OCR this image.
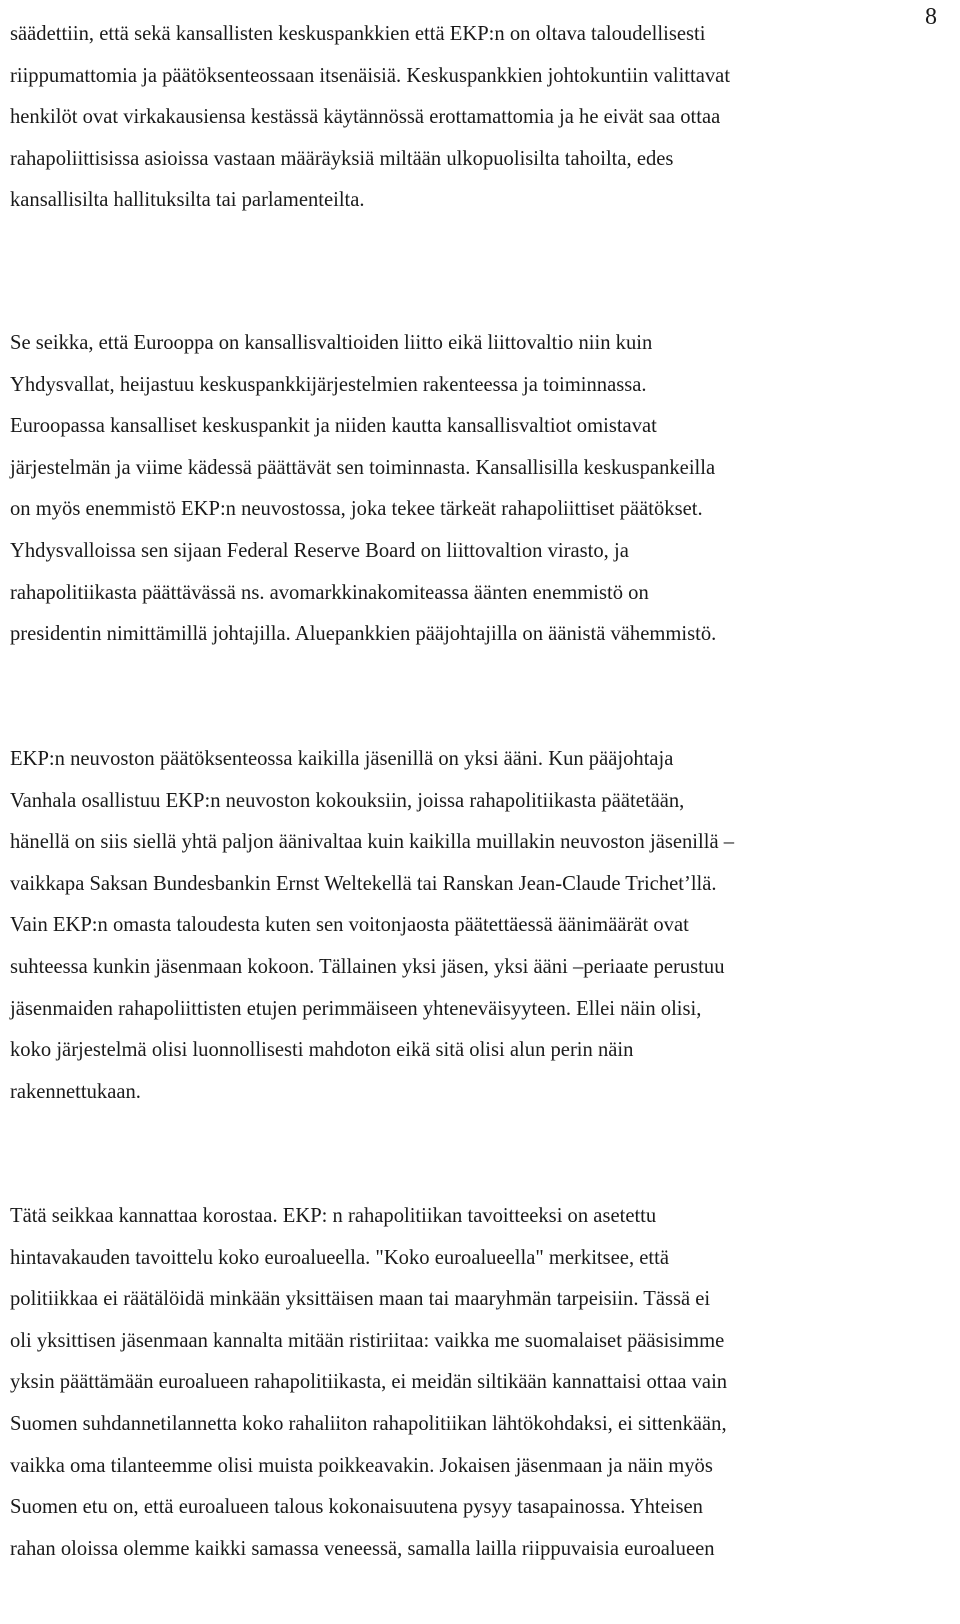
8
säädettiin, että sekä kansallisten keskuspankkien että EKP:n on oltava taloudellisesti
riippumattomia ja päätöksenteossaan itsenäisiä. Keskuspankkien johtokuntiin valittavat
henkilöt ovat virkakausiensa kestässä käytännössä erottamattomia ja he eivät saa ottaa
rahapoliittisissa asioissa vastaan määräyksiä miltään ulkopuolisilta tahoilta, edes
kansallisilta hallituksilta tai parlamenteilta.
Se seikka, että Eurooppa on kansallisvaltioiden liitto eikä liittovaltio niin kuin
Yhdysvallat, heijastuu keskuspankkijärjestelmien rakenteessa ja toiminnassa.
Euroopassa kansalliset keskuspankit ja niiden kautta kansallisvaltiot omistavat
järjestelmän ja viime kädessä päättävät sen toiminnasta. Kansallisilla keskuspankeilla
on myös enemmistö EKP:n neuvostossa, joka tekee tärkeät rahapoliittiset päätökset.
Yhdysvalloissa sen sijaan Federal Reserve Board on liittovaltion virasto, ja
rahapolitiikasta päättävässä ns. avomarkkinakomiteassa äänten enemmistö on
presidentin nimittämillä johtajilla. Aluepankkien pääjohtajilla on äänistä vähemmistö.
EKP:n neuvoston päätöksenteossa kaikilla jäsenillä on yksi ääni. Kun pääjohtaja
Vanhala osallistuu EKP:n neuvoston kokouksiin, joissa rahapolitiikasta päätetään,
hänellä on siis siellä yhtä paljon äänivaltaa kuin kaikilla muillakin neuvoston jäsenillä –
vaikkapa Saksan Bundesbankin Ernst Weltekellä tai Ranskan Jean-Claude Trichet’llä.
Vain EKP:n omasta taloudesta kuten sen voitonjaosta päätettäessä äänimäärät ovat
suhteessa kunkin jäsenmaan kokoon. Tällainen yksi jäsen, yksi ääni –periaate perustuu
jäsenmaiden rahapoliittisten etujen perimmäiseen yhteneväisyyteen. Ellei näin olisi,
koko järjestelmä olisi luonnollisesti mahdoton eikä sitä olisi alun perin näin
rakennettukaan.
Tätä seikkaa kannattaa korostaa. EKP: n rahapolitiikan tavoitteeksi on asetettu
hintavakauden tavoittelu koko euroalueella. "Koko euroalueella" merkitsee, että
politiikkaa ei räätälöidä minkään yksittäisen maan tai maaryhmän tarpeisiin. Tässä ei
oli yksittisen jäsenmaan kannalta mitään ristiriitaa: vaikka me suomalaiset pääsisimme
yksin päättämään euroalueen rahapolitiikasta, ei meidän siltikään kannattaisi ottaa vain
Suomen suhdannetilannetta koko rahaliiton rahapolitiikan lähtökohdaksi, ei sittenkään,
vaikka oma tilanteemme olisi muista poikkeavakin. Jokaisen jäsenmaan ja näin myös
Suomen etu on, että euroalueen talous kokonaisuutena pysyy tasapainossa. Yhteisen
rahan oloissa olemme kaikki samassa veneessä, samalla lailla riippuvaisia euroalueen
